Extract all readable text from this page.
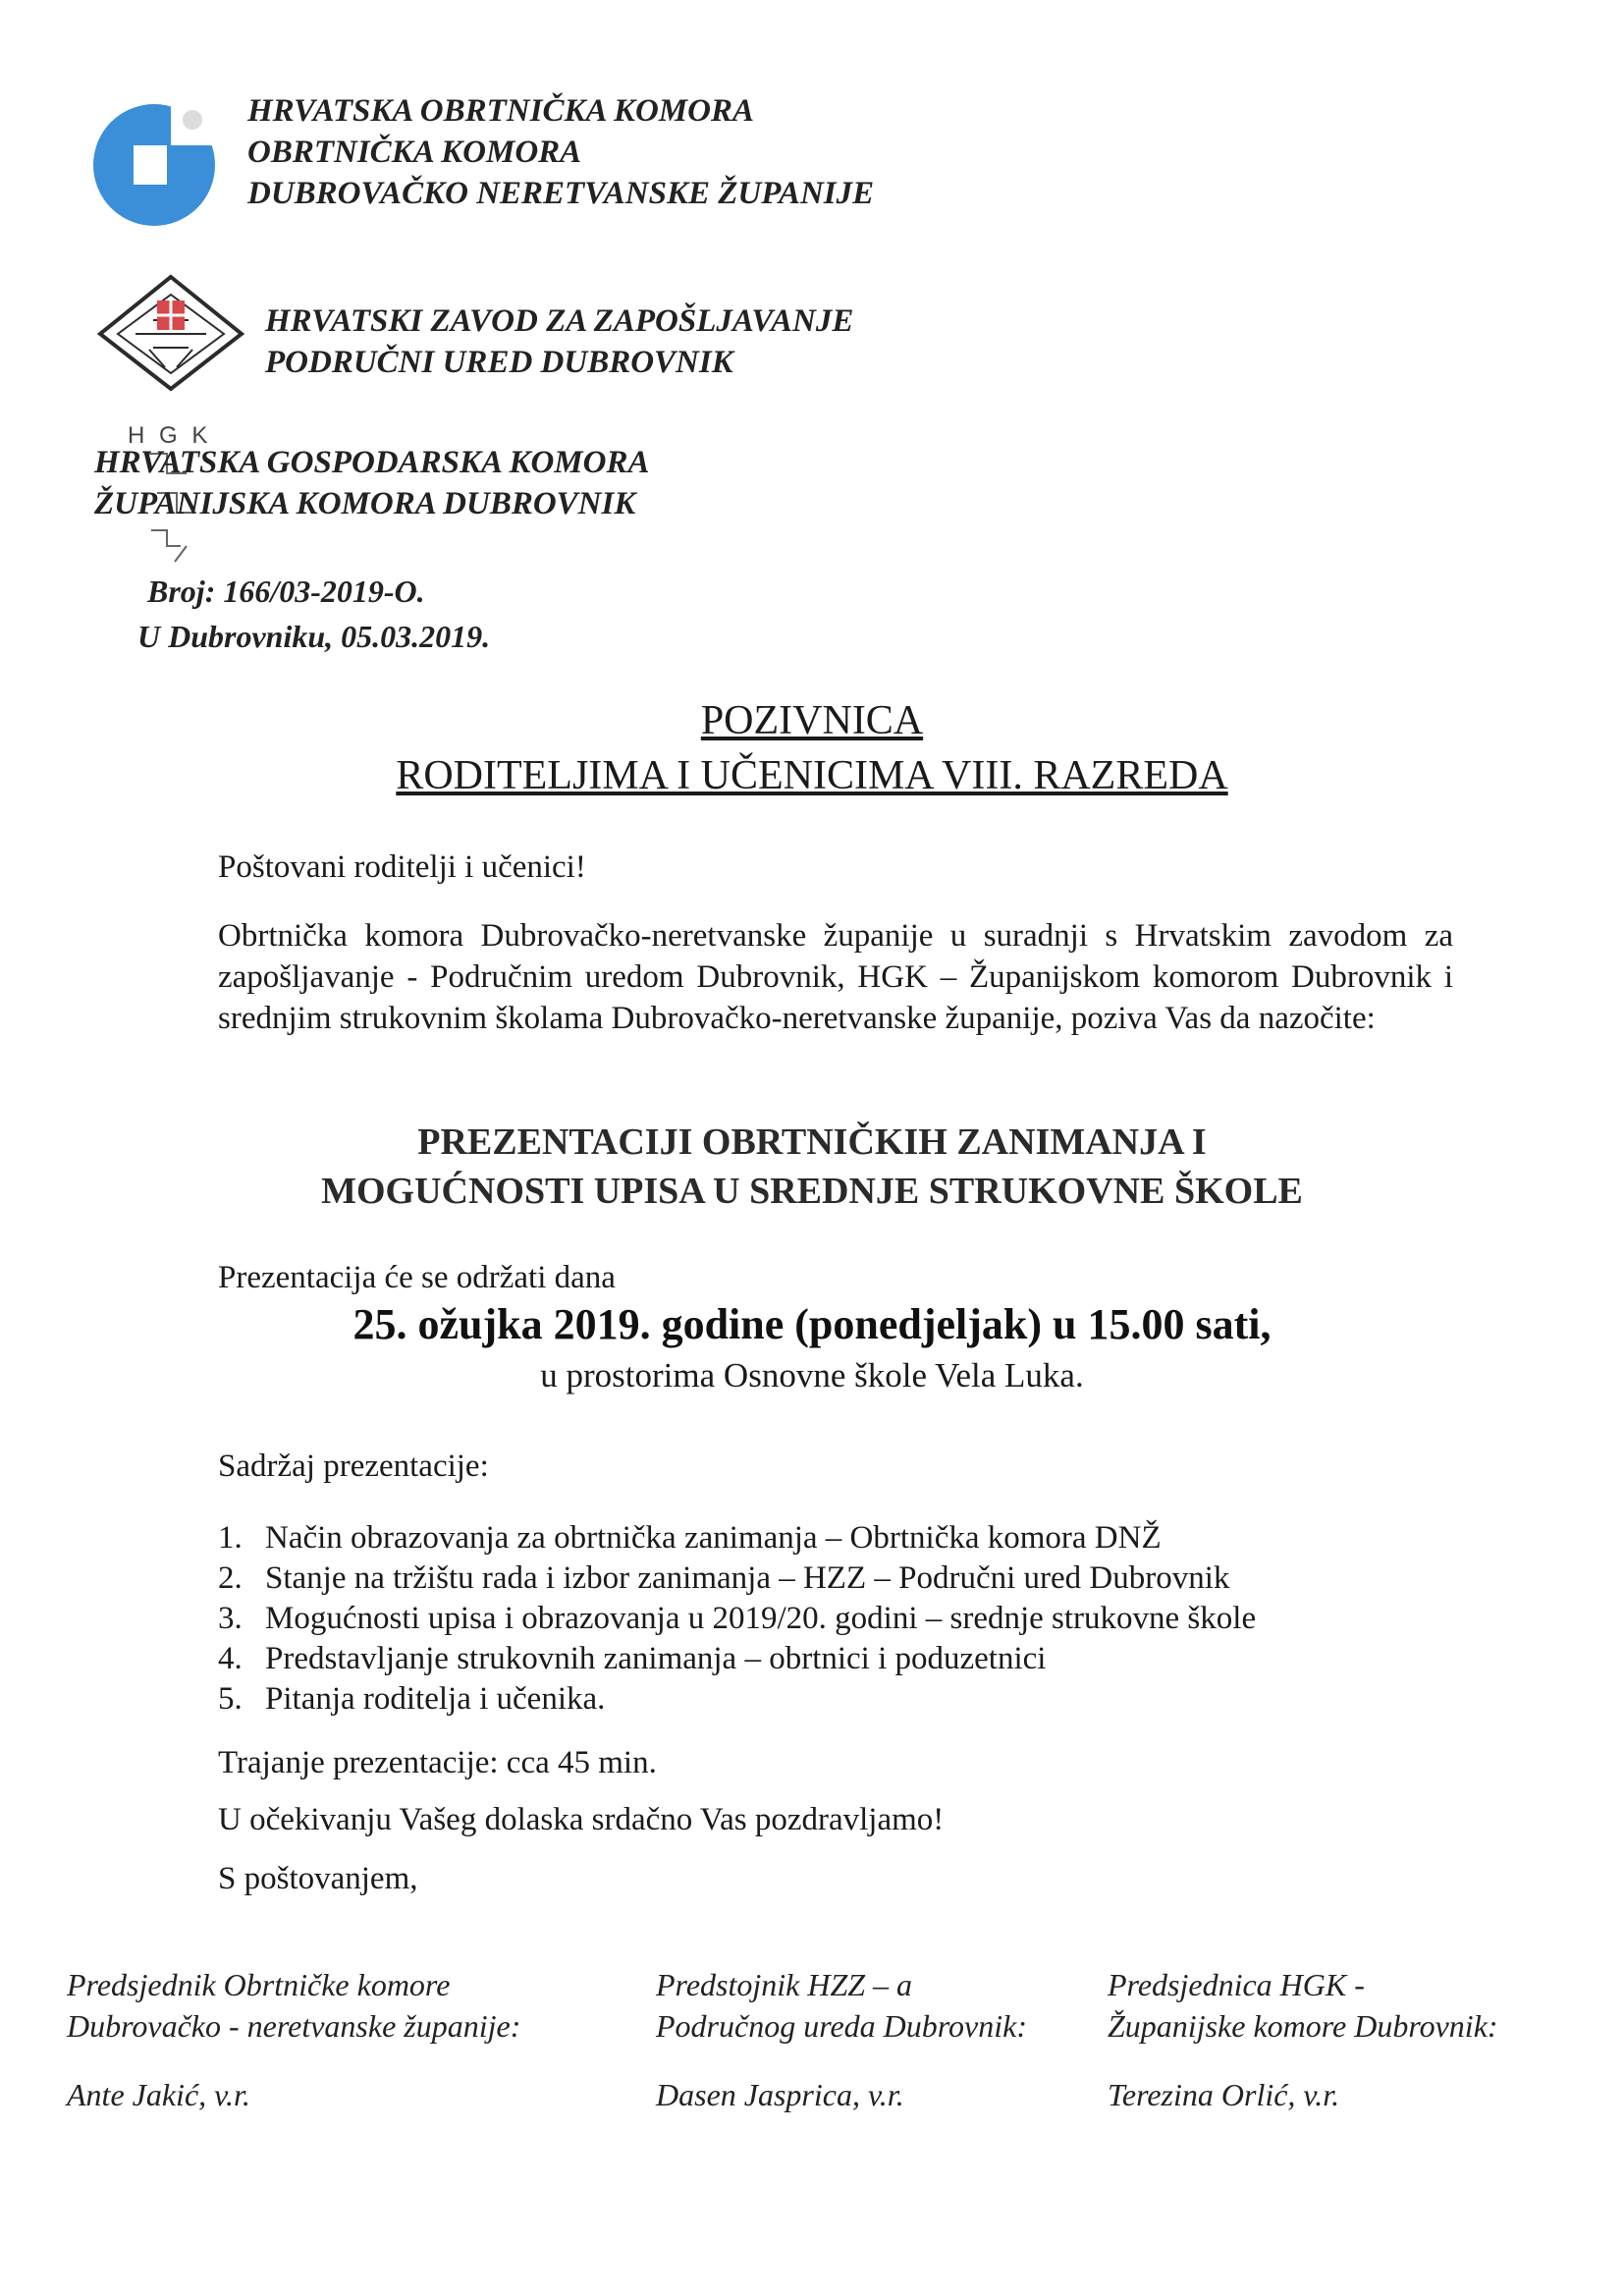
HRVATSKA OBRTNIČKA KOMORA
OBRTNIČKA KOMORA
DUBROVAČKO NERETVANSKE ŽUPANIJE
HRVATSKI ZAVOD ZA ZAPOŠLJAVANJE
PODRUČNI URED DUBROVNIK
H G K
HRVATSKA GOSPODARSKA KOMORA
ŽUPANIJSKA KOMORA DUBROVNIK
Broj: 166/03-2019-O.
U Dubrovniku, 05.03.2019.
POZIVNICA
RODITELJIMA I UČENICIMA VIII. RAZREDA
Poštovani roditelji i učenici!
Obrtnička komora Dubrovačko-neretvanske županije u suradnji s Hrvatskim zavodom za zapošljavanje - Područnim uredom Dubrovnik, HGK – Županijskom komorom Dubrovnik i srednjim strukovnim školama Dubrovačko-neretvanske županije, poziva Vas da nazočite:
PREZENTACIJI OBRTNIČKIH ZANIMANJA I
MOGUĆNOSTI UPISA U SREDNJE STRUKOVNE ŠKOLE
Prezentacija će se održati dana
25. ožujka 2019. godine (ponedjeljak) u 15.00 sati,
u prostorima Osnovne škole Vela Luka.
Sadržaj prezentacije:
1. Način obrazovanja za obrtnička zanimanja – Obrtnička komora DNŽ
2. Stanje na tržištu rada i izbor zanimanja – HZZ – Područni ured Dubrovnik
3. Mogućnosti upisa i obrazovanja u 2019/20. godini – srednje strukovne škole
4. Predstavljanje strukovnih zanimanja – obrtnici i poduzetnici
5. Pitanja roditelja i učenika.
Trajanje prezentacije: cca 45 min.
U očekivanju Vašeg dolaska srdačno Vas pozdravljamo!
S poštovanjem,
Predsjednik Obrtničke komore
Dubrovačko - neretvanske županije:
Ante Jakić, v.r.
Predstojnik HZZ – a
Područnog ureda Dubrovnik:
Dasen Jasprica, v.r.
Predsjednica HGK -
Županijske komore Dubrovnik:
Terezina Orlić, v.r.
